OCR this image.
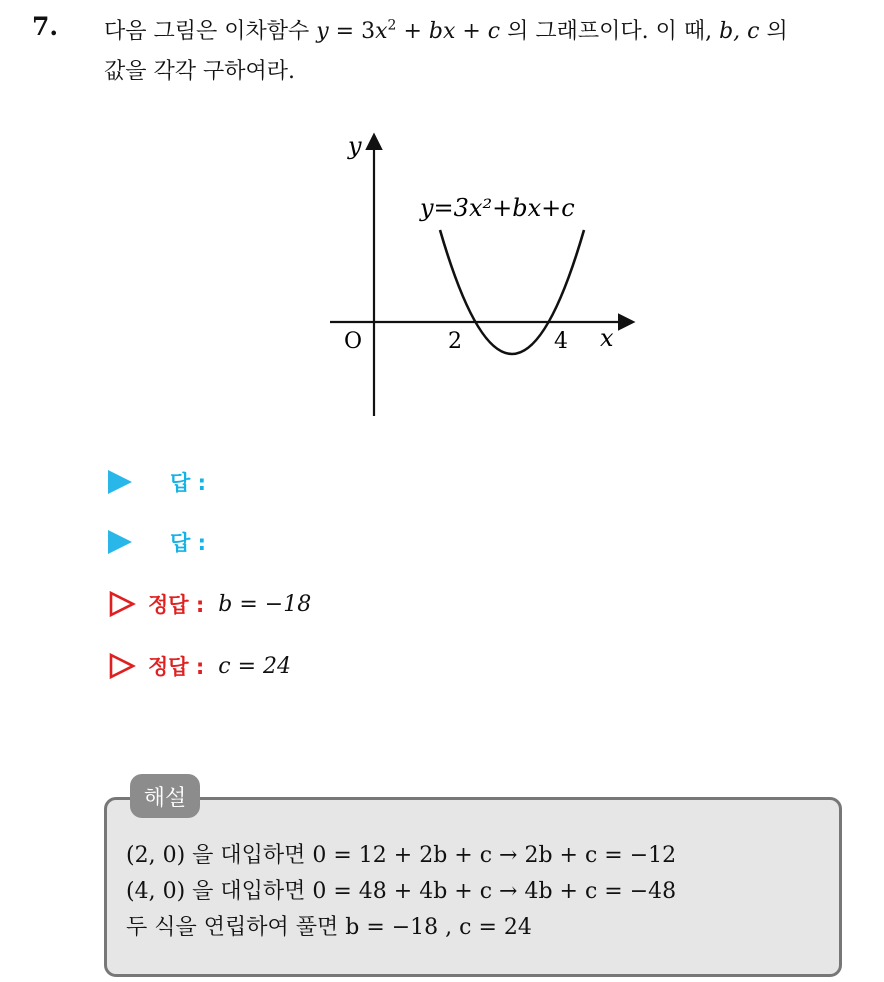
7. 다음 그림은 이차함수 $y = 3x^2$ + bx + c 의 그래프이다. 이 때, b, c 의
값을 각각 구하여라.
y
x
O	2	4
y=3x²+bx+c
답 :
답 :
정답 : b = −18
정답 : c = 24
해설
(2, 0) 을 대입하면 0 = 12 + 2b + c → 2b + c = −12
(4, 0) 을 대입하면 0 = 48 + 4b + c → 4b + c = −48
두 식을 연립하여 풀면 b = −18 , c = 24
